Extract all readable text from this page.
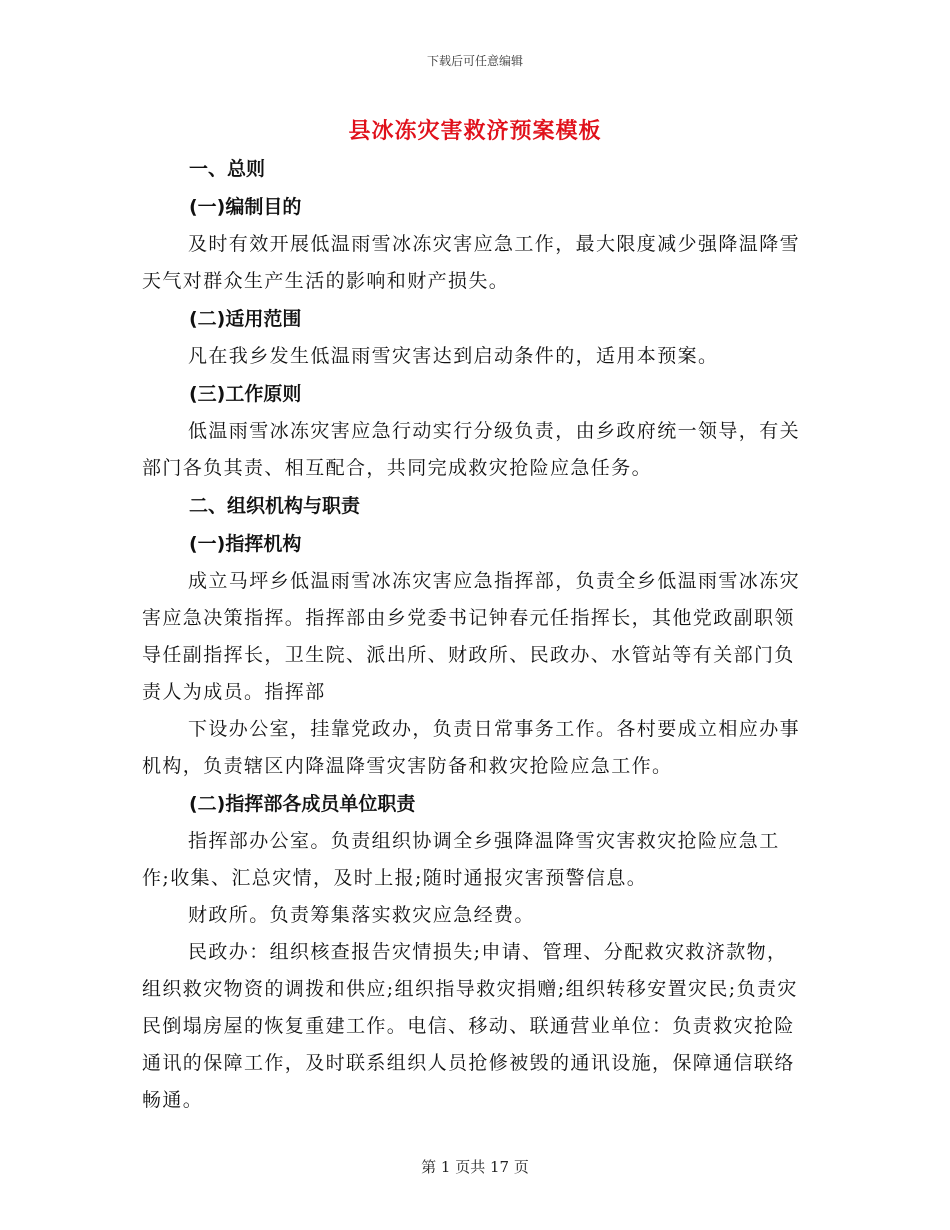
下载后可任意编辑
县冰冻灾害救济预案模板
一、总则
(一)编制目的

及时有效开展低温雨雪冰冻灾害应急工作，最大限度减少强降温降雪天气对群众生产生活的影响和财产损失。

(二)适用范围

凡在我乡发生低温雨雪灾害达到启动条件的，适用本预案。

(三)工作原则

低温雨雪冰冻灾害应急行动实行分级负责，由乡政府统一领导，有关部门各负其责、相互配合，共同完成救灾抢险应急任务。

二、组织机构与职责
(一)指挥机构

成立马坪乡低温雨雪冰冻灾害应急指挥部，负责全乡低温雨雪冰冻灾害应急决策指挥。指挥部由乡党委书记钟春元任指挥长，其他党政副职领导任副指挥长，卫生院、派出所、财政所、民政办、水管站等有关部门负责人为成员。指挥部

下设办公室，挂靠党政办，负责日常事务工作。各村要成立相应办事机构，负责辖区内降温降雪灾害防备和救灾抢险应急工作。

(二)指挥部各成员单位职责

指挥部办公室。负责组织协调全乡强降温降雪灾害救灾抢险应急工作;收集、汇总灾情，及时上报;随时通报灾害预警信息。

财政所。负责筹集落实救灾应急经费。

民政办：组织核查报告灾情损失;申请、管理、分配救灾救济款物，组织救灾物资的调拨和供应;组织指导救灾捐赠;组织转移安置灾民;负责灾民倒塌房屋的恢复重建工作。电信、移动、联通营业单位：负责救灾抢险通讯的保障工作，及时联系组织人员抢修被毁的通讯设施，保障通信联络畅通。

第 1 页共 17 页
